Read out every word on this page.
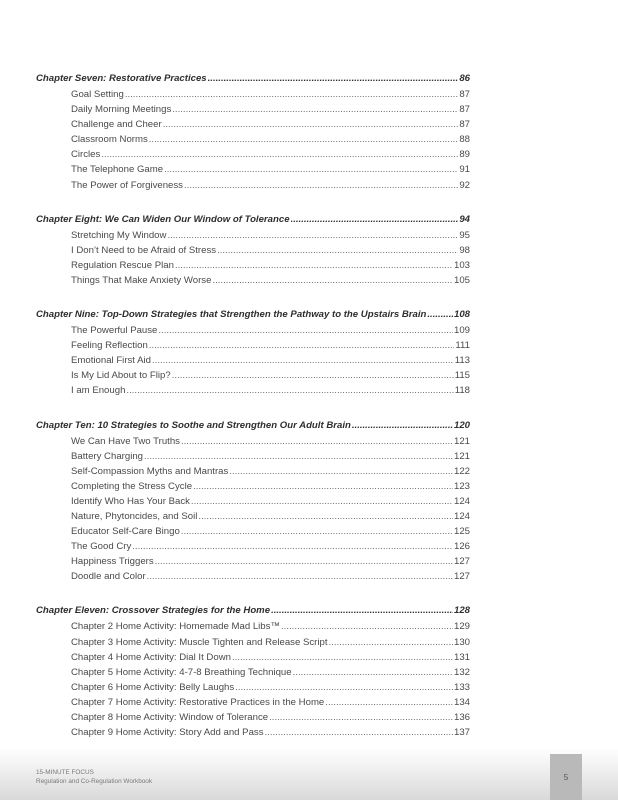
Chapter Seven: Restorative Practices .....	86
Goal Setting .....	87
Daily Morning Meetings .....	87
Challenge and Cheer .....	87
Classroom Norms .....	88
Circles .....	89
The Telephone Game .....	91
The Power of Forgiveness .....	92
Chapter Eight: We Can Widen Our Window of Tolerance .....	94
Stretching My Window .....	95
I Don’t Need to be Afraid of Stress .....	98
Regulation Rescue Plan .....	103
Things That Make Anxiety Worse .....	105
Chapter Nine: Top-Down Strategies that Strengthen the Pathway to the Upstairs Brain .....	108
The Powerful Pause .....	109
Feeling Reflection .....	111
Emotional First Aid .....	113
Is My Lid About to Flip? .....	115
I am Enough .....	118
Chapter Ten: 10 Strategies to Soothe and Strengthen Our Adult Brain .....	120
We Can Have Two Truths .....	121
Battery Charging .....	121
Self-Compassion Myths and Mantras .....	122
Completing the Stress Cycle .....	123
Identify Who Has Your Back .....	124
Nature, Phytoncides, and Soil .....	124
Educator Self-Care Bingo .....	125
The Good Cry .....	126
Happiness Triggers .....	127
Doodle and Color .....	127
Chapter Eleven: Crossover Strategies for the Home .....	128
Chapter 2 Home Activity: Homemade Mad Libs™ .....	129
Chapter 3 Home Activity: Muscle Tighten and Release Script .....	130
Chapter 4 Home Activity: Dial It Down .....	131
Chapter 5 Home Activity: 4-7-8 Breathing Technique .....	132
Chapter 6 Home Activity: Belly Laughs .....	133
Chapter 7 Home Activity: Restorative Practices in the Home .....	134
Chapter 8 Home Activity: Window of Tolerance .....	136
Chapter 9 Home Activity: Story Add and Pass .....	137
15-MINUTE FOCUS
Regulation and Co-Regulation Workbook	5
